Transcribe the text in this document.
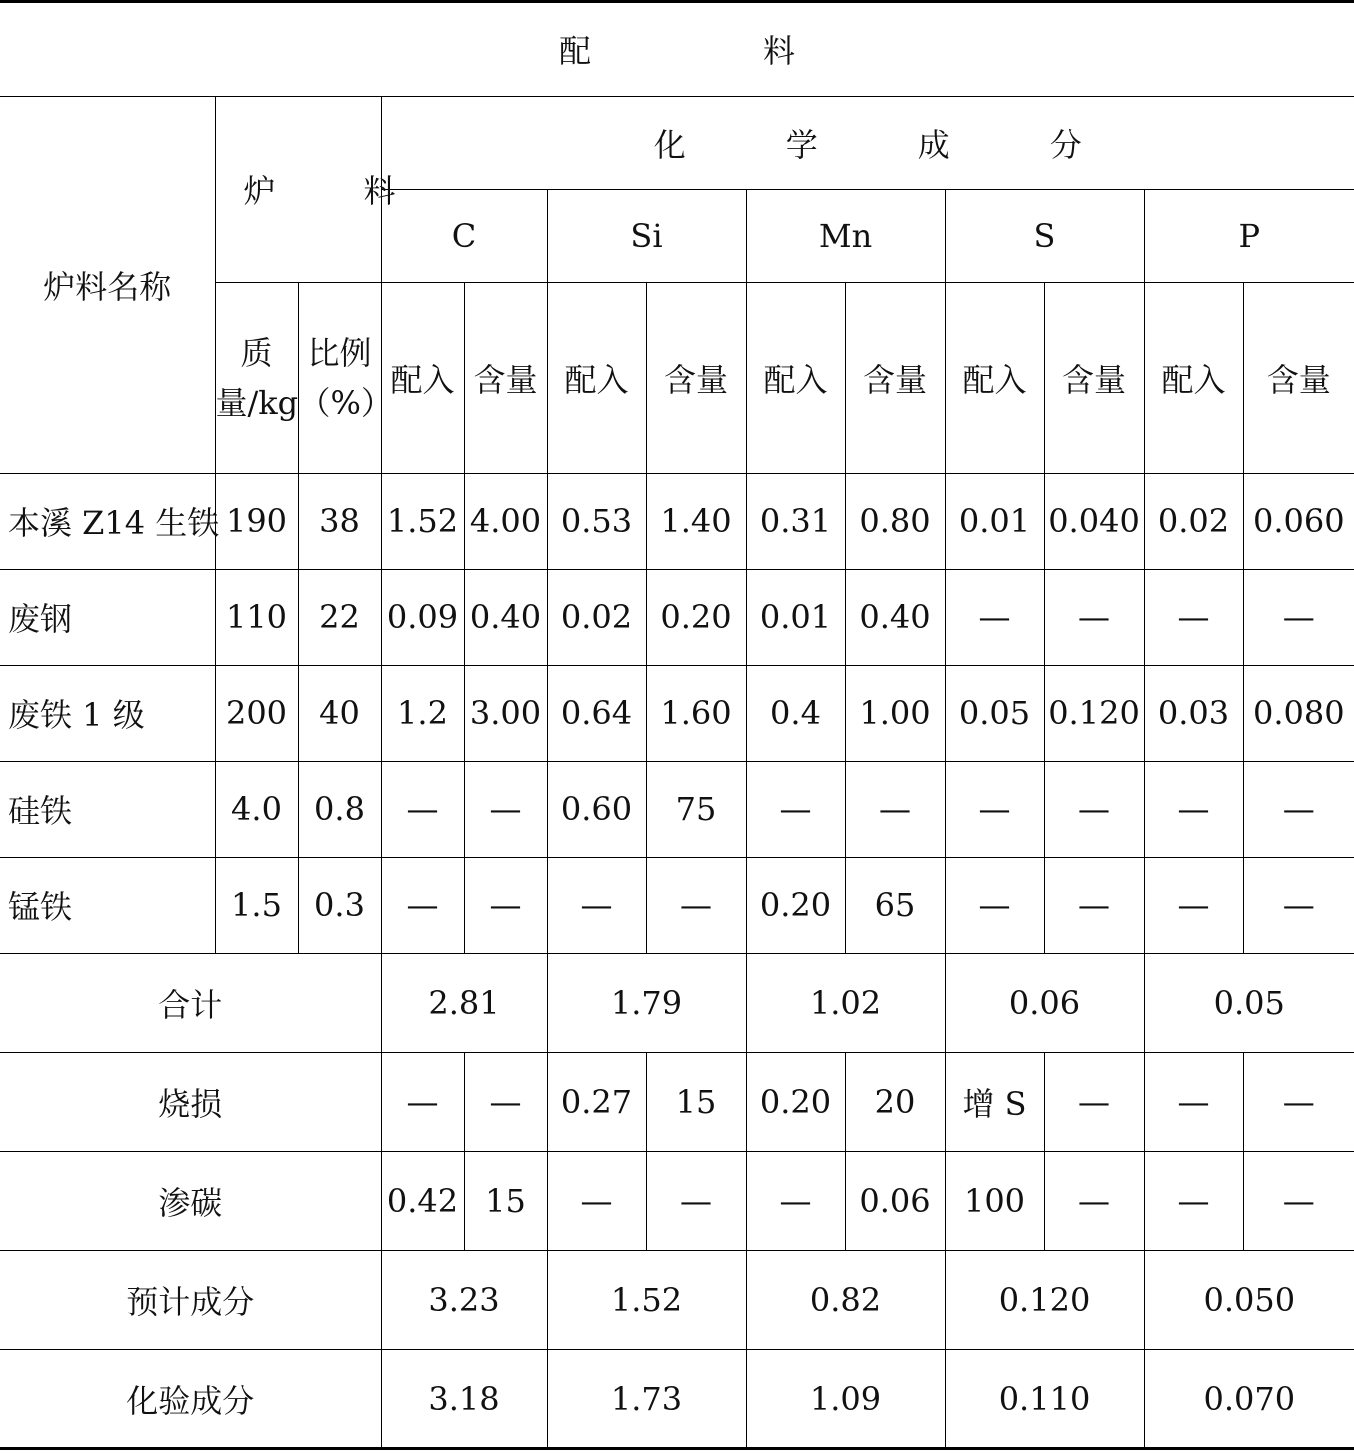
配　料												
炉料名称	炉　料		化　学　成　分									
			C		Si		Mn		S		P	
	质量/kg	比例（%）	配入	含量	配入	含量	配入	含量	配入	含量	配入	含量
本溪 Z14 生铁	190	38	1.52	4.00	0.53	1.40	0.31	0.80	0.01	0.040	0.02	0.060
废钢	110	22	0.09	0.40	0.02	0.20	0.01	0.40	—	—	—	—
废铁 1 级	200	40	1.2	3.00	0.64	1.60	0.4	1.00	0.05	0.120	0.03	0.080
硅铁	4.0	0.8	—	—	0.60	75	—	—	—	—	—	—
锰铁	1.5	0.3	—	—	—	—	0.20	65	—	—	—	—
合计			2.81		1.79		1.02		0.06		0.05	
烧损			—	—	0.27	15	0.20	20	增 S	—	—	—
渗碳			0.42	15	—	—	—	0.06	100	—	—	—
预计成分			3.23		1.52		0.82		0.120		0.050	
化验成分			3.18		1.73		1.09		0.110		0.070	
